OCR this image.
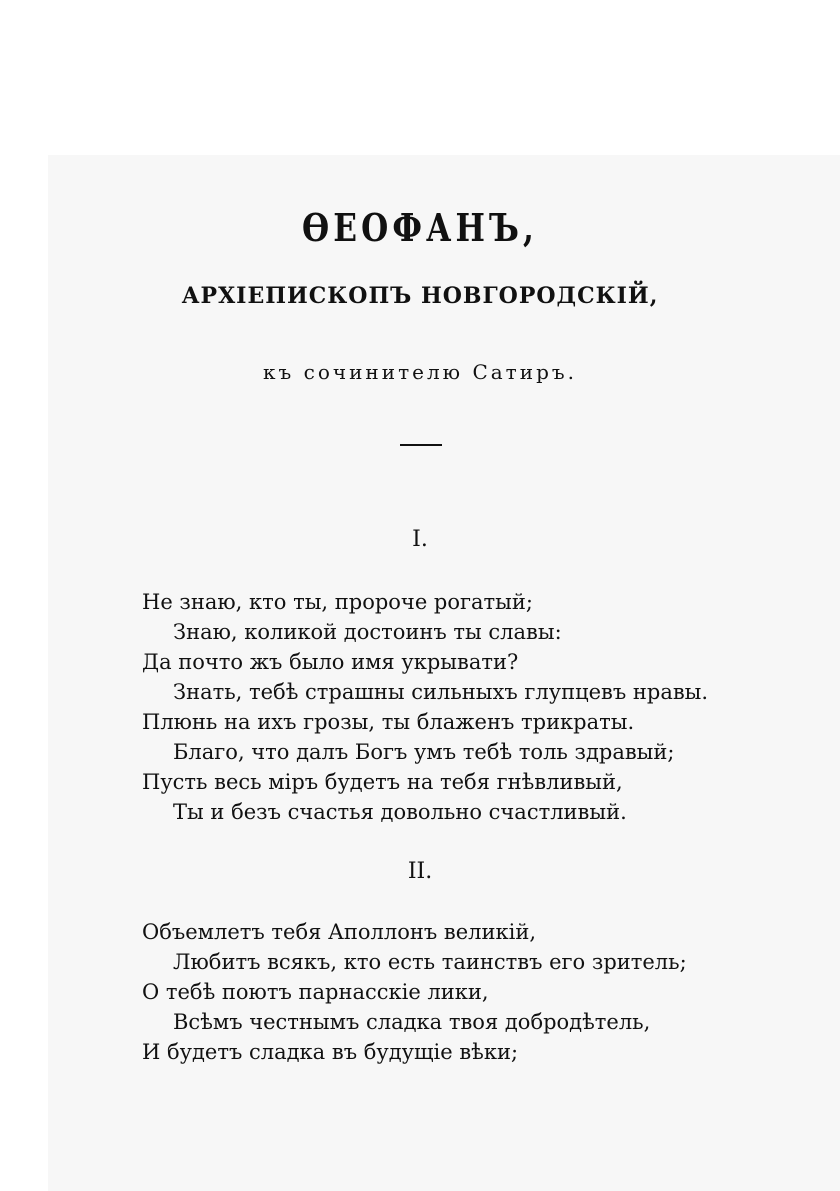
ѲЕОФАНЪ,
АРХІЕПИСКОПЪ НОВГОРОДСКІЙ,
къ сочинителю Сатиръ.
I.
Не знаю, кто ты, пророче рогатый;
Знаю, коликой достоинъ ты славы:
Да почто жъ было имя укрывати?
Знать, тебѣ страшны сильныхъ глупцевъ нравы.
Плюнь на ихъ грозы, ты блаженъ трикраты.
Благо, что далъ Богъ умъ тебѣ толь здравый;
Пусть весь міръ будетъ на тебя гнѣвливый,
Ты и безъ счастья довольно счастливый.
II.
Объемлетъ тебя Аполлонъ великій,
Любитъ всякъ, кто есть таинствъ его зритель;
О тебѣ поютъ парнасскіе лики,
Всѣмъ честнымъ сладка твоя добродѣтель,
И будетъ сладка въ будущіе вѣки;
